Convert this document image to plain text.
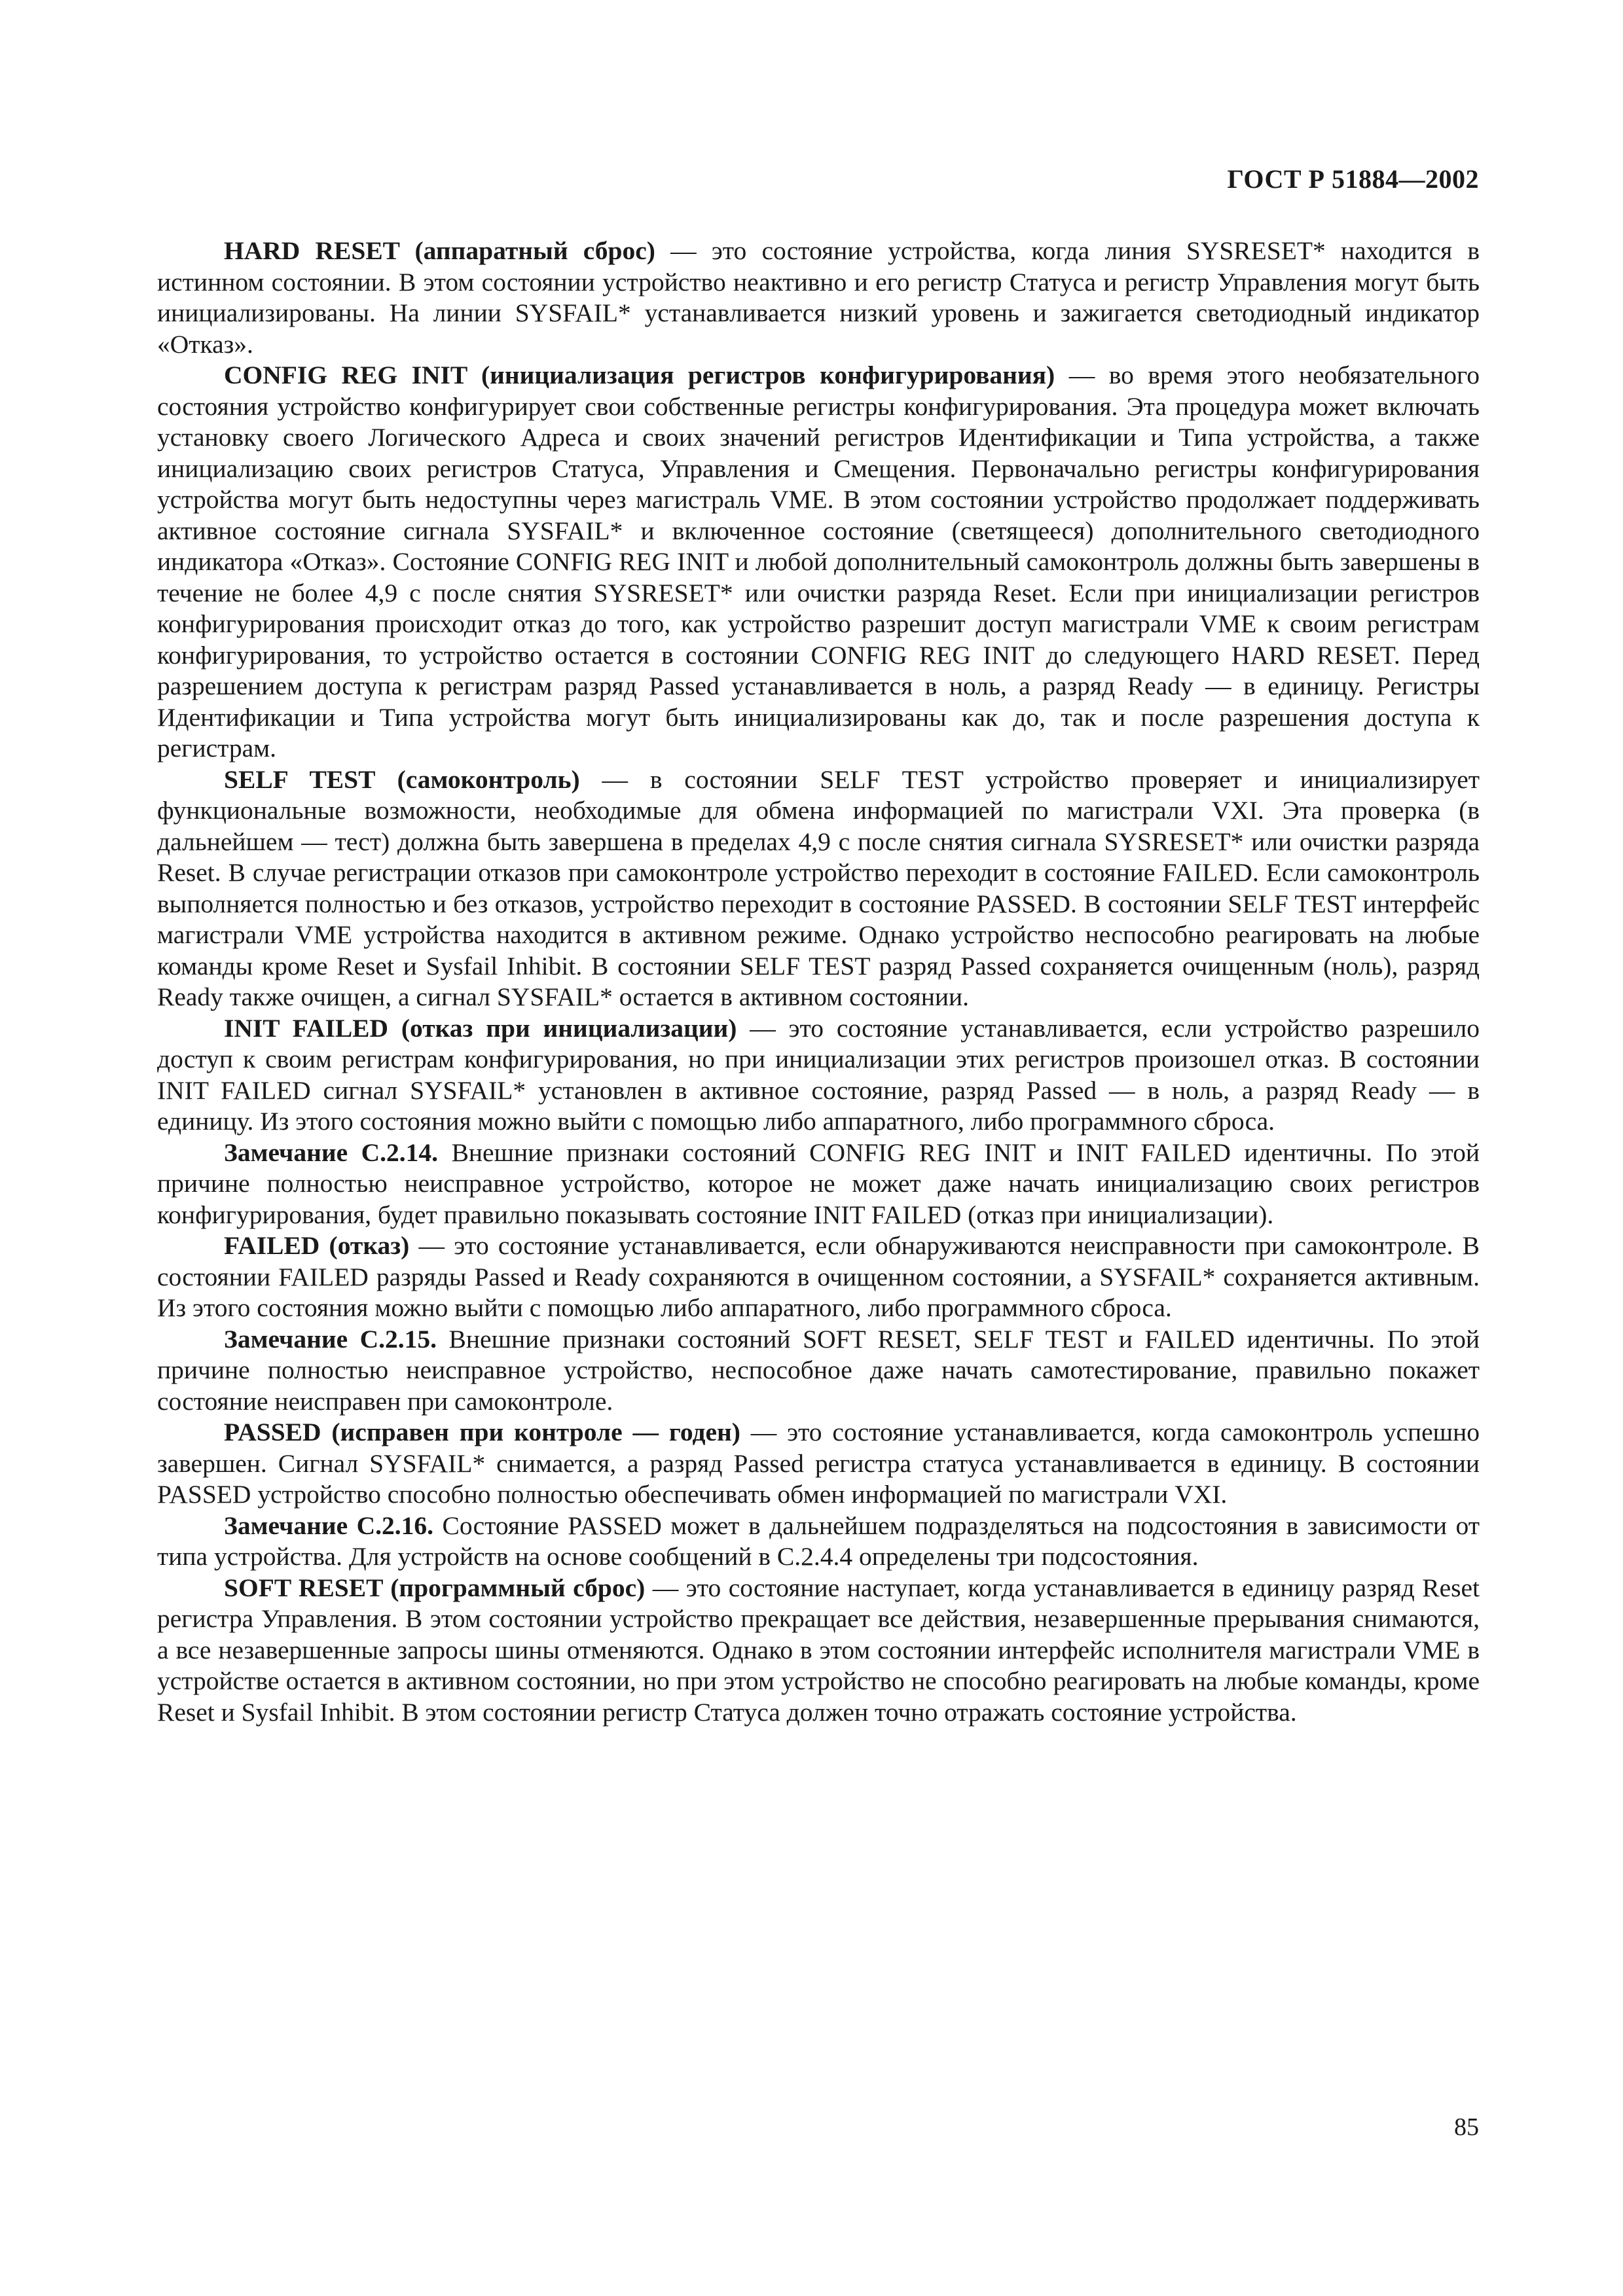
ГОСТ Р 51884—2002

HARD RESET (аппаратный сброс) — это состояние устройства, когда линия SYSRESET* находится в истинном состоянии. В этом состоянии устройство неактивно и его регистр Статуса и регистр Управления могут быть инициализированы. На линии SYSFAIL* устанавливается низкий уровень и зажигается светодиодный индикатор «Отказ».

CONFIG REG INIT (инициализация регистров конфигурирования) — во время этого необязательного состояния устройство конфигурирует свои собственные регистры конфигурирования. Эта процедура может включать установку своего Логического Адреса и своих значений регистров Идентификации и Типа устройства, а также инициализацию своих регистров Статуса, Управления и Смещения. Первоначально регистры конфигурирования устройства могут быть недоступны через магистраль VME. В этом состоянии устройство продолжает поддерживать активное состояние сигнала SYSFAIL* и включенное состояние (светящееся) дополнительного светодиодного индикатора «Отказ». Состояние CONFIG REG INIT и любой дополнительный самоконтроль должны быть завершены в течение не более 4,9 с после снятия SYSRESET* или очистки разряда Reset. Если при инициализации регистров конфигурирования происходит отказ до того, как устройство разрешит доступ магистрали VME к своим регистрам конфигурирования, то устройство остается в состоянии CONFIG REG INIT до следующего HARD RESET. Перед разрешением доступа к регистрам разряд Passed устанавливается в ноль, а разряд Ready — в единицу. Регистры Идентификации и Типа устройства могут быть инициализированы как до, так и после разрешения доступа к регистрам.

SELF TEST (самоконтроль) — в состоянии SELF TEST устройство проверяет и инициализирует функциональные возможности, необходимые для обмена информацией по магистрали VXI. Эта проверка (в дальнейшем — тест) должна быть завершена в пределах 4,9 с после снятия сигнала SYSRESET* или очистки разряда Reset. В случае регистрации отказов при самоконтроле устройство переходит в состояние FAILED. Если самоконтроль выполняется полностью и без отказов, устройство переходит в состояние PASSED. В состоянии SELF TEST интерфейс магистрали VME устройства находится в активном режиме. Однако устройство неспособно реагировать на любые команды кроме Reset и Sysfail Inhibit. В состоянии SELF TEST разряд Passed сохраняется очищенным (ноль), разряд Ready также очищен, а сигнал SYSFAIL* остается в активном состоянии.

INIT FAILED (отказ при инициализации) — это состояние устанавливается, если устройство разрешило доступ к своим регистрам конфигурирования, но при инициализации этих регистров произошел отказ. В состоянии INIT FAILED сигнал SYSFAIL* установлен в активное состояние, разряд Passed — в ноль, а разряд Ready — в единицу. Из этого состояния можно выйти с помощью либо аппаратного, либо программного сброса.

Замечание С.2.14. Внешние признаки состояний CONFIG REG INIT и INIT FAILED идентичны. По этой причине полностью неисправное устройство, которое не может даже начать инициализацию своих регистров конфигурирования, будет правильно показывать состояние INIT FAILED (отказ при инициализации).

FAILED (отказ) — это состояние устанавливается, если обнаруживаются неисправности при самоконтроле. В состоянии FAILED разряды Passed и Ready сохраняются в очищенном состоянии, а SYSFAIL* сохраняется активным. Из этого состояния можно выйти с помощью либо аппаратного, либо программного сброса.

Замечание С.2.15. Внешние признаки состояний SOFT RESET, SELF TEST и FAILED идентичны. По этой причине полностью неисправное устройство, неспособное даже начать самотестирование, правильно покажет состояние неисправен при самоконтроле.

PASSED (исправен при контроле — годен) — это состояние устанавливается, когда самоконтроль успешно завершен. Сигнал SYSFAIL* снимается, а разряд Passed регистра статуса устанавливается в единицу. В состоянии PASSED устройство способно полностью обеспечивать обмен информацией по магистрали VXI.

Замечание С.2.16. Состояние PASSED может в дальнейшем подразделяться на подсостояния в зависимости от типа устройства. Для устройств на основе сообщений в С.2.4.4 определены три подсостояния.

SOFT RESET (программный сброс) — это состояние наступает, когда устанавливается в единицу разряд Reset регистра Управления. В этом состоянии устройство прекращает все действия, незавершенные прерывания снимаются, а все незавершенные запросы шины отменяются. Однако в этом состоянии интерфейс исполнителя магистрали VME в устройстве остается в активном состоянии, но при этом устройство не способно реагировать на любые команды, кроме Reset и Sysfail Inhibit. В этом состоянии регистр Статуса должен точно отражать состояние устройства.

85
